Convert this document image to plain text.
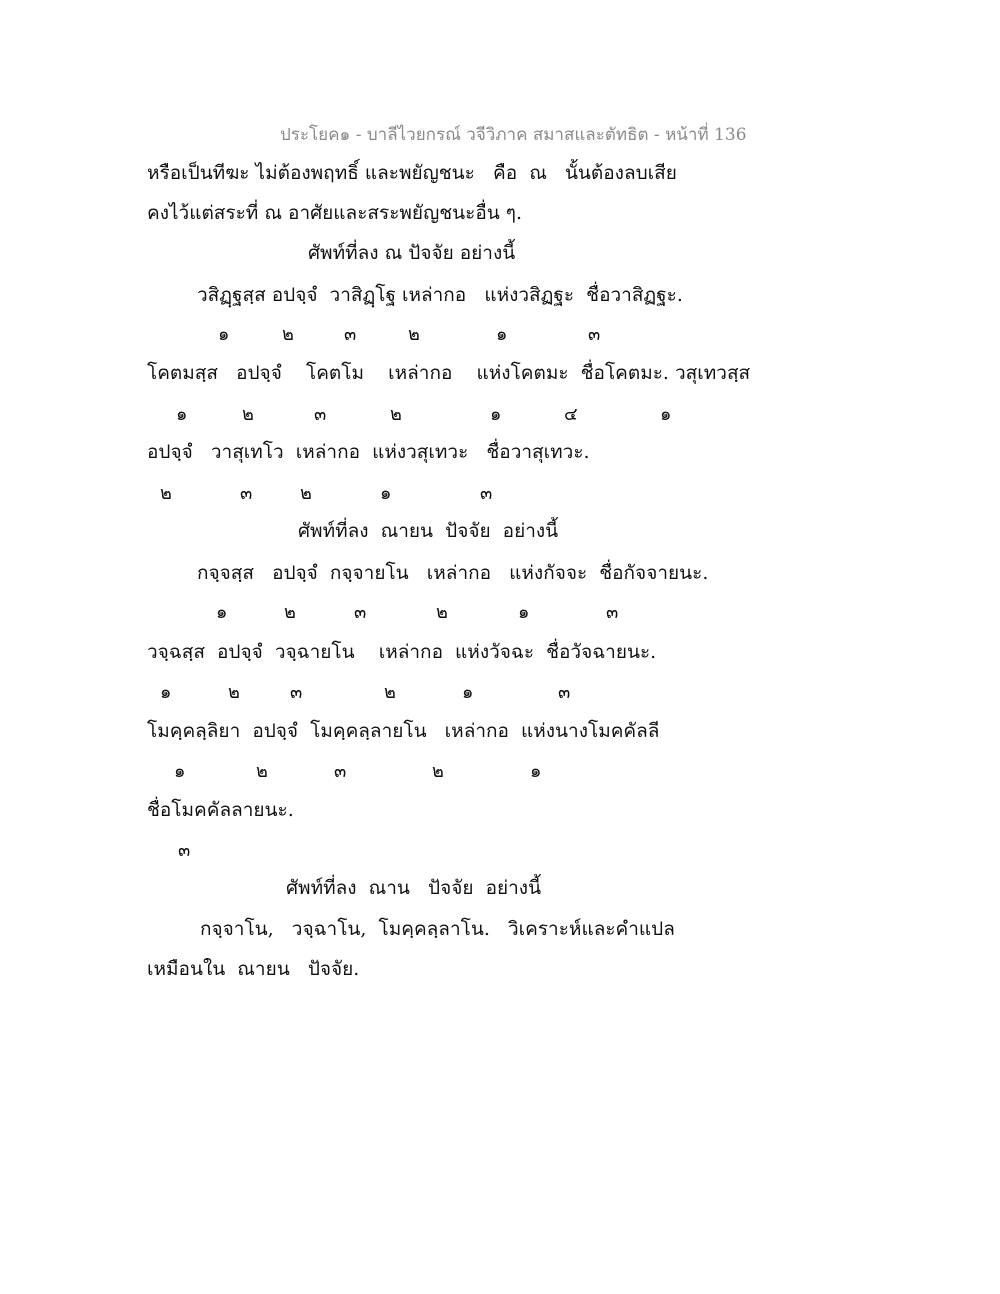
ประโยค๑ - บาลีไวยกรณ์ วจีวิภาค สมาสและตัทธิต - หน้าที่ 136
หรือเป็นทีฆะ ไม่ต้องพฤทธิ์ และพยัญชนะ   คือ  ณ   นั้นต้องลบเสีย
คงไว้แต่สระที่ ณ อาศัยและสระพยัญชนะอื่น ๆ.
ศัพท์ที่ลง ณ ปัจจัย อย่างนี้
วสิฏฺฐสฺส อปจฺจํ  วาสิฏฺโฐ เหล่ากอ   แห่งวสิฏฐะ  ชื่อวาสิฏฐะ.
๑	๒	๓	๒	๑	๓
โคตมสฺส   อปจฺจํ    โคตโม    เหล่ากอ    แห่งโคตมะ  ชื่อโคตมะ. วสุเทวสฺส
๑	๒	๓	๒	๑	๔	๑
อปจฺจํ   วาสุเทโว  เหล่ากอ  แห่งวสุเทวะ   ชื่อวาสุเทวะ.
๒	๓	๒	๑	๓
ศัพท์ที่ลง  ณายน  ปัจจัย  อย่างนี้
กจฺจสฺส   อปจฺจํ  กจฺจายโน   เหล่ากอ   แห่งกัจจะ  ชื่อกัจจายนะ.
๑	๒	๓	๒	๑	๓
วจฺฉสฺส  อปจฺจํ  วจฺฉายโน    เหล่ากอ  แห่งวัจฉะ  ชื่อวัจฉายนะ.
๑	๒	๓	๒	๑	๓
โมคฺคลฺลิยา  อปจฺจํ  โมคฺคลฺลายโน   เหล่ากอ  แห่งนางโมคคัลลี
๑	๒	๓	๒	๑
ชื่อโมคคัลลายนะ.
๓
ศัพท์ที่ลง  ณาน   ปัจจัย  อย่างนี้
กจฺจาโน,   วจฺฉาโน,  โมคฺคลฺลาโน.   วิเคราะห์และคำแปล
เหมือนใน  ณายน   ปัจจัย.
